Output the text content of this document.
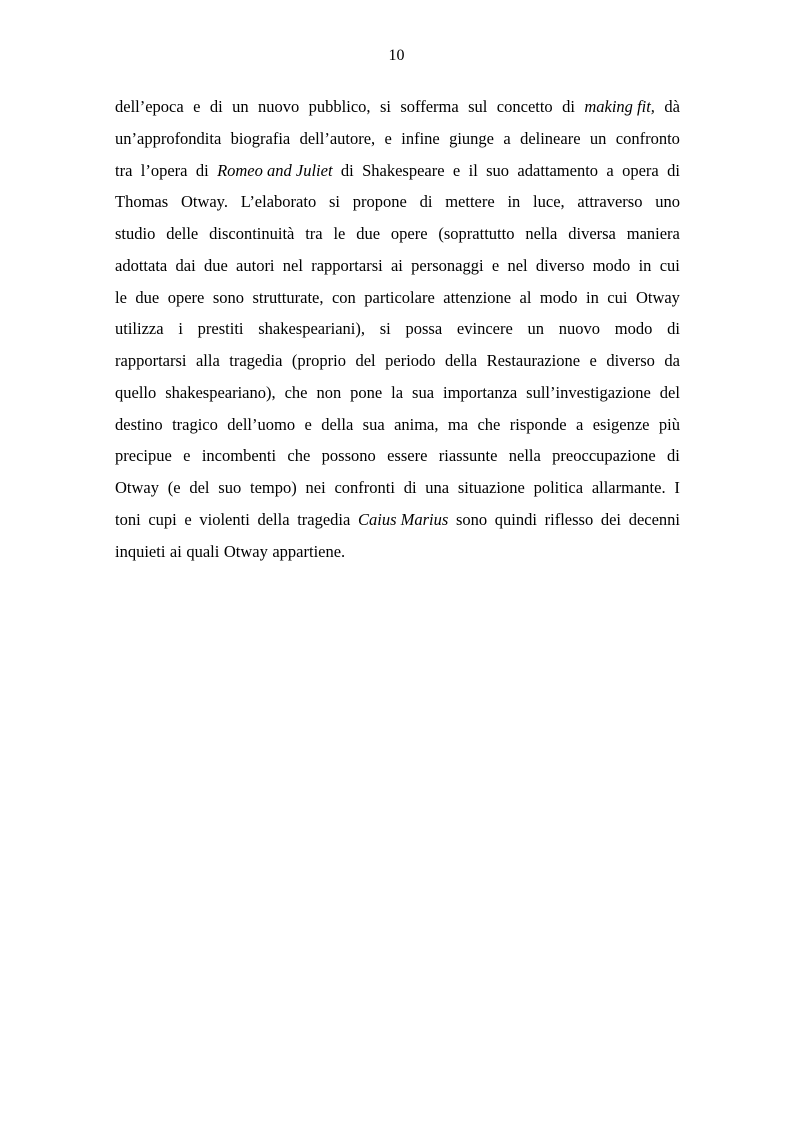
10
dell’epoca e di un nuovo pubblico, si sofferma sul concetto di making fit, dà
un’approfondita biografia dell’autore, e infine giunge a delineare un confronto
tra l’opera di Romeo and Juliet di Shakespeare e il suo adattamento a opera di
Thomas Otway. L’elaborato si propone di mettere in luce, attraverso uno
studio delle discontinuità tra le due opere (soprattutto nella diversa maniera
adottata dai due autori nel rapportarsi ai personaggi e nel diverso modo in cui
le due opere sono strutturate, con particolare attenzione al modo in cui Otway
utilizza i prestiti shakespeariani), si possa evincere un nuovo modo di
rapportarsi alla tragedia (proprio del periodo della Restaurazione e diverso da
quello shakespeariano), che non pone la sua importanza sull’investigazione del
destino tragico dell’uomo e della sua anima, ma che risponde a esigenze più
precipue e incombenti che possono essere riassunte nella preoccupazione di
Otway (e del suo tempo) nei confronti di una situazione politica allarmante. I
toni cupi e violenti della tragedia Caius Marius sono quindi riflesso dei decenni
inquieti ai quali Otway appartiene.
